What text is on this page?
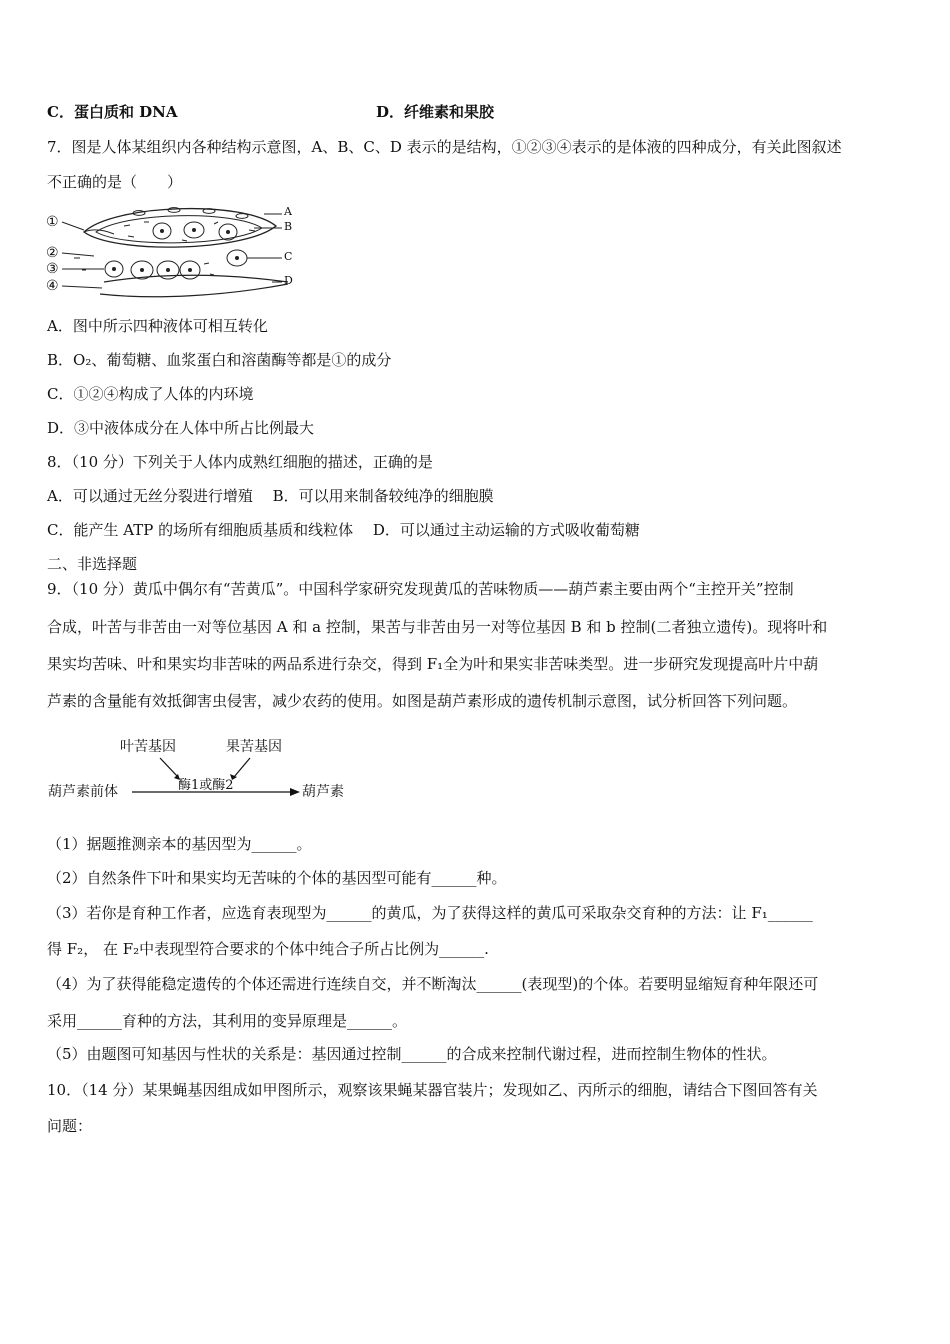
C．蛋白质和 DNA	D．纤维素和果胶
7．图是人体某组织内各种结构示意图，A、B、C、D 表示的是结构，①②③④表示的是体液的四种成分，有关此图叙述
不正确的是（　　）
①
②
③
④
A
B
C
D
A．图中所示四种液体可相互转化
B．O₂、葡萄糖、血浆蛋白和溶菌酶等都是①的成分
C．①②④构成了人体的内环境
D．③中液体成分在人体中所占比例最大
8．（10 分）下列关于人体内成熟红细胞的描述，正确的是
A．可以通过无丝分裂进行增殖　 B．可以用来制备较纯净的细胞膜
C．能产生 ATP 的场所有细胞质基质和线粒体　 D．可以通过主动运输的方式吸收葡萄糖
二、非选择题
9．（10 分）黄瓜中偶尔有“苦黄瓜”。中国科学家研究发现黄瓜的苦味物质——葫芦素主要由两个“主控开关”控制
合成，叶苦与非苦由一对等位基因 A 和 a 控制，果苦与非苦由另一对等位基因 B 和 b 控制(二者独立遗传)。现将叶和
果实均苦味、叶和果实均非苦味的两品系进行杂交，得到 F₁全为叶和果实非苦味类型。进一步研究发现提高叶片中葫
芦素的含量能有效抵御害虫侵害，减少农药的使用。如图是葫芦素形成的遗传机制示意图，试分析回答下列问题。
叶苦基因	果苦基因
酶1或酶2
葫芦素前体	葫芦素
（1）据题推测亲本的基因型为______。
（2）自然条件下叶和果实均无苦味的个体的基因型可能有______种。
（3）若你是育种工作者，应选育表现型为______的黄瓜，为了获得这样的黄瓜可采取杂交育种的方法：让 F₁______
得 F₂， 在 F₂中表现型符合要求的个体中纯合子所占比例为______.
（4）为了获得能稳定遗传的个体还需进行连续自交，并不断淘汰______(表现型)的个体。若要明显缩短育种年限还可
采用______育种的方法，其利用的变异原理是______。
（5）由题图可知基因与性状的关系是：基因通过控制______的合成来控制代谢过程，进而控制生物体的性状。
10．（14 分）某果蝇基因组成如甲图所示，观察该果蝇某器官装片；发现如乙、丙所示的细胞，请结合下图回答有关
问题：
